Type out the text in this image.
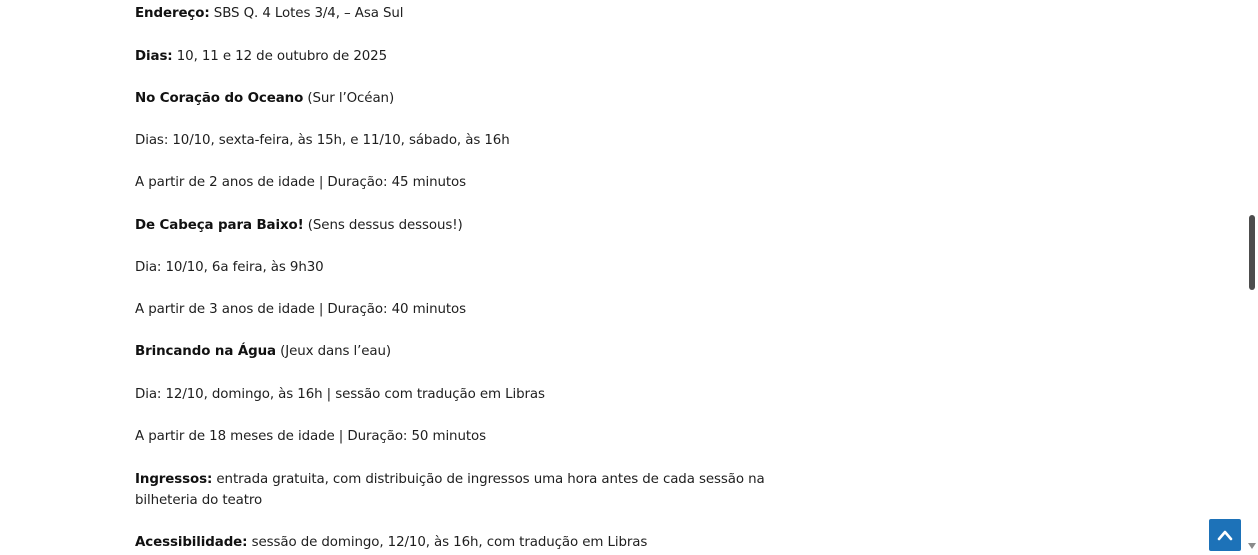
Endereço: SBS Q. 4 Lotes 3/4, – Asa Sul
Dias: 10, 11 e 12 de outubro de 2025
No Coração do Oceano (Sur l’Océan)
Dias: 10/10, sexta-feira, às 15h, e 11/10, sábado, às 16h
A partir de 2 anos de idade | Duração: 45 minutos
De Cabeça para Baixo! (Sens dessus dessous!)
Dia: 10/10, 6a feira, às 9h30
A partir de 3 anos de idade | Duração: 40 minutos
Brincando na Água (Jeux dans l’eau)
Dia: 12/10, domingo, às 16h | sessão com tradução em Libras
A partir de 18 meses de idade | Duração: 50 minutos
Ingressos: entrada gratuita, com distribuição de ingressos uma hora antes de cada sessão na bilheteria do teatro
Acessibilidade: sessão de domingo, 12/10, às 16h, com tradução em Libras
